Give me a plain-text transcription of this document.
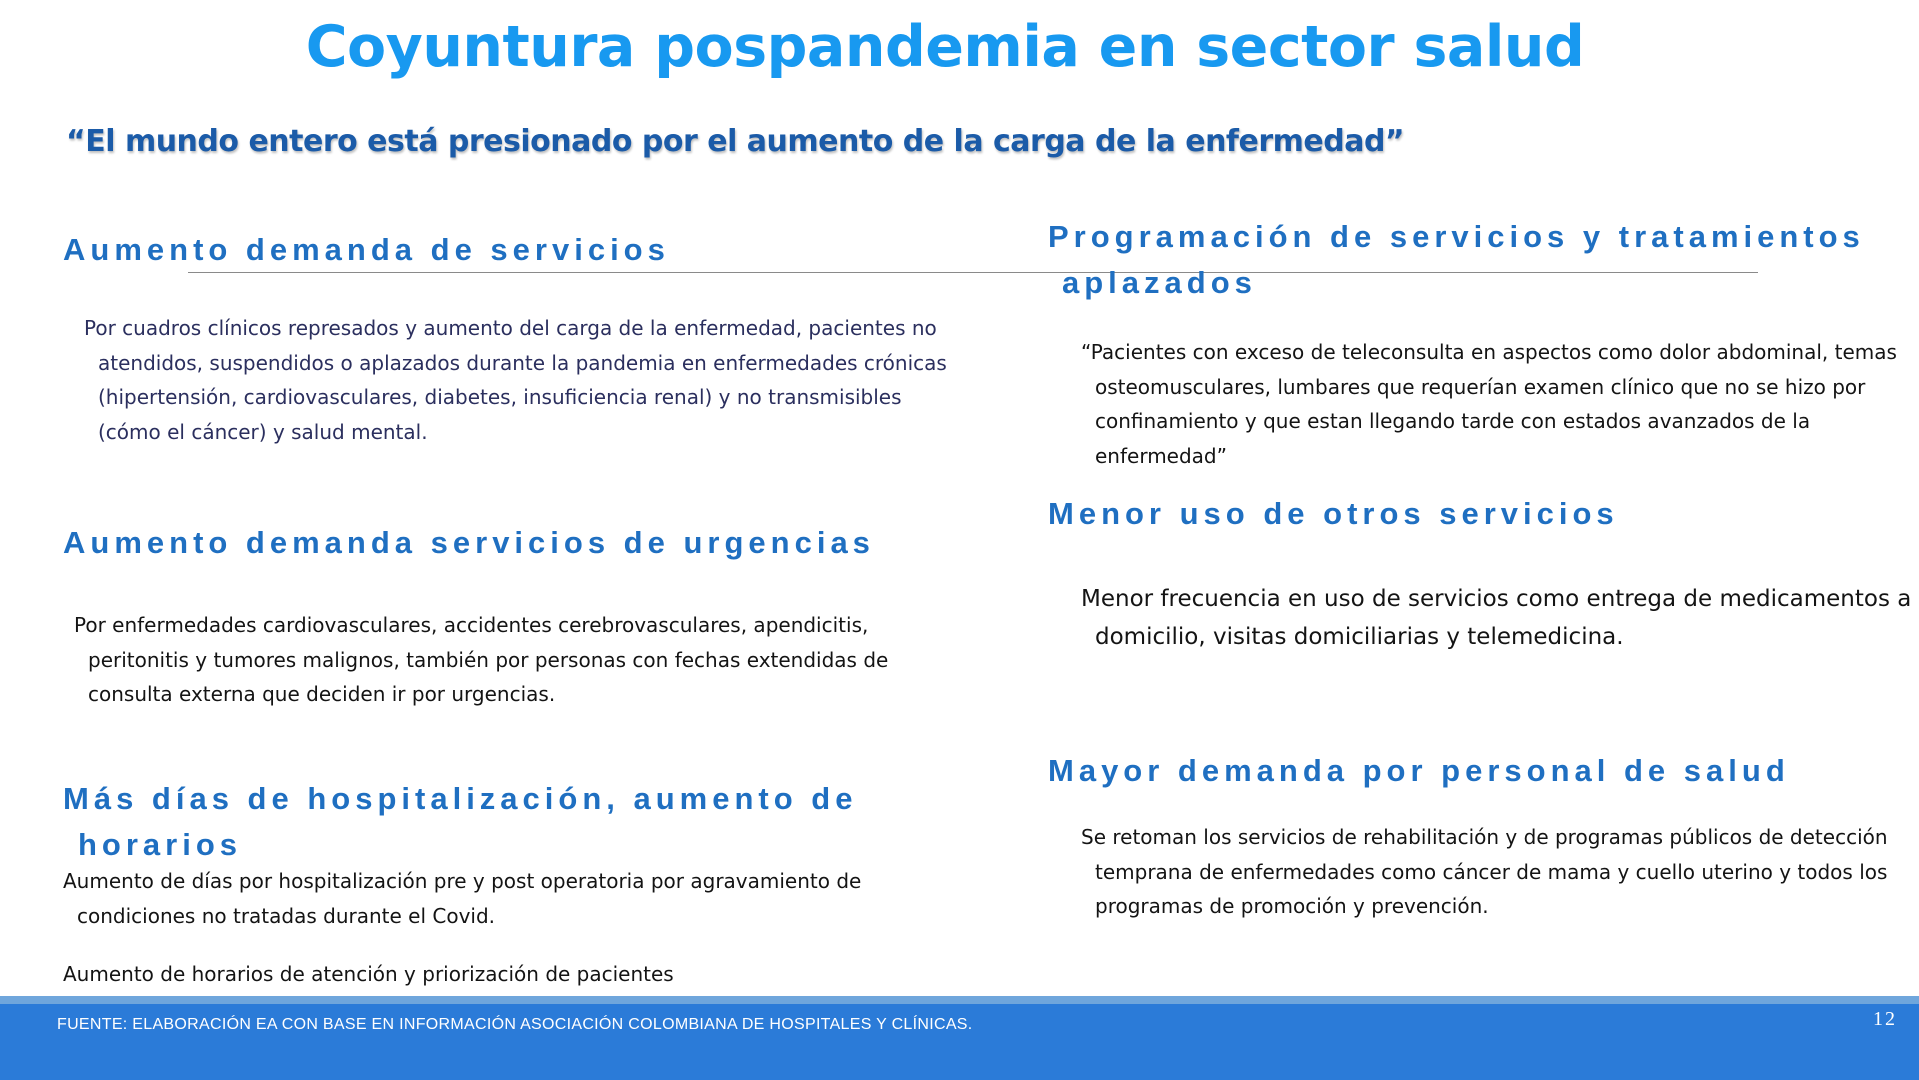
Coyuntura pospandemia en sector salud
“El mundo entero está presionado por el aumento de la carga de la enfermedad”
Aumento demanda de servicios
Por cuadros clínicos represados y aumento del carga de la enfermedad, pacientes no
atendidos, suspendidos o aplazados durante la pandemia en enfermedades crónicas
(hipertensión, cardiovasculares, diabetes, insuficiencia renal) y no transmisibles
(cómo el cáncer) y salud mental.
Aumento demanda servicios de urgencias
Por enfermedades cardiovasculares, accidentes cerebrovasculares, apendicitis,
peritonitis y tumores malignos, también por personas con fechas extendidas de
consulta externa que deciden ir por urgencias.
Más días de hospitalización, aumento de
horarios
Aumento de días por hospitalización pre y post operatoria por agravamiento de
condiciones no tratadas durante el Covid.
Aumento de horarios de atención y priorización de pacientes
Programación de servicios y tratamientos
aplazados
“Pacientes con exceso de teleconsulta en aspectos como dolor abdominal, temas
osteomusculares, lumbares que requerían examen clínico que no se hizo por
confinamiento y que estan llegando tarde con estados avanzados de la
enfermedad”
Menor uso de otros servicios
Menor frecuencia en uso de servicios como entrega de medicamentos a
domicilio, visitas domiciliarias y telemedicina.
Mayor demanda por personal de salud
Se retoman los servicios de rehabilitación y de programas públicos de detección
temprana de enfermedades como cáncer de mama y cuello uterino y todos los
programas de promoción y prevención.
FUENTE: ELABORACIÓN EA CON BASE EN INFORMACIÓN ASOCIACIÓN COLOMBIANA DE HOSPITALES Y CLÍNICAS.	12
